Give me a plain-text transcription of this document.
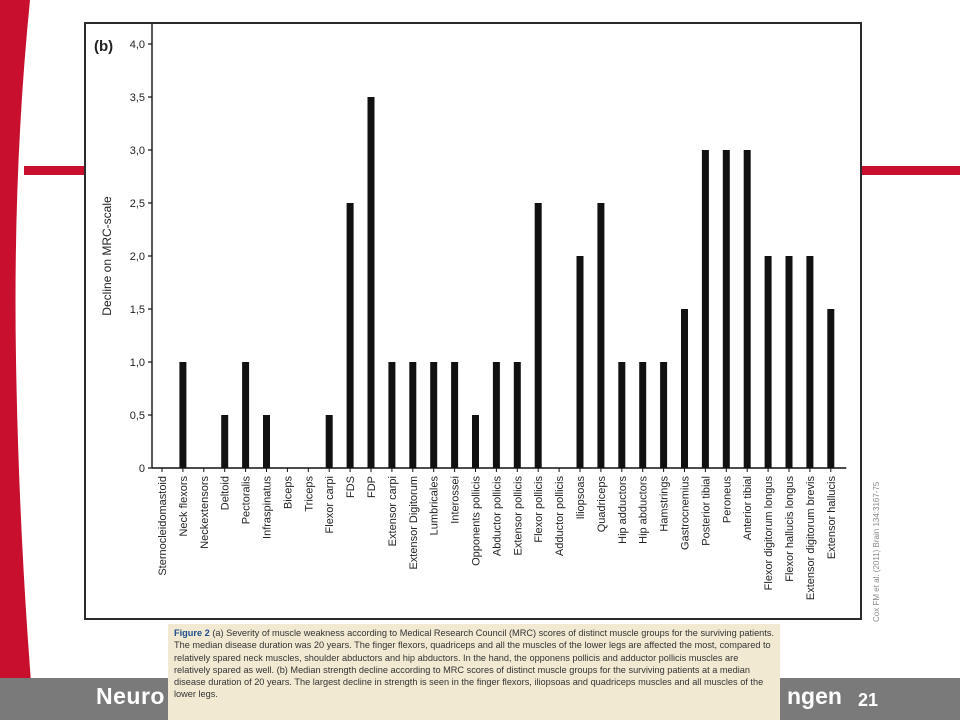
Neuro	ngen 21
(b)
Decline on MRC-scale
0
0,5
1,0
1,5
2,0
2,5
3,0
3,5
4,0
Sternocleidomastoid Neck flexors Neckextensors Deltoid Pectoralis Infraspinatus Biceps Triceps Flexor carpi FDS FDP Extensor carpi Extensor Digitorum Lumbricales Interossei Opponents pollicis Abductor pollicis Extensor pollicis Flexor pollicis Adductor pollicis Iliopsoas Quadriceps Hip adductors Hip abductors Hamstrings Gastrocnemius Posterior tibial Peroneus Anterior tibial Flexor digitorum longus Flexor hallucis longus Extensor digitorum brevis Extensor hallucis	Cox FM et al. (2011) Brain 134:3167-75
Figure 2 (a) Severity of muscle weakness according to Medical Research Council (MRC) scores of distinct muscle groups for the surviving patients. The median disease duration was 20 years. The finger flexors, quadriceps and all the muscles of the lower legs are affected the most, compared to relatively spared neck muscles, shoulder abductors and hip abductors. In the hand, the opponens pollicis and adductor pollicis muscles are relatively spared as well. (b) Median strength decline according to MRC scores of distinct muscle groups for the surviving patients at a median disease duration of 20 years. The largest decline in strength is seen in the finger flexors, iliopsoas and quadriceps muscles and all muscles of the lower legs.
